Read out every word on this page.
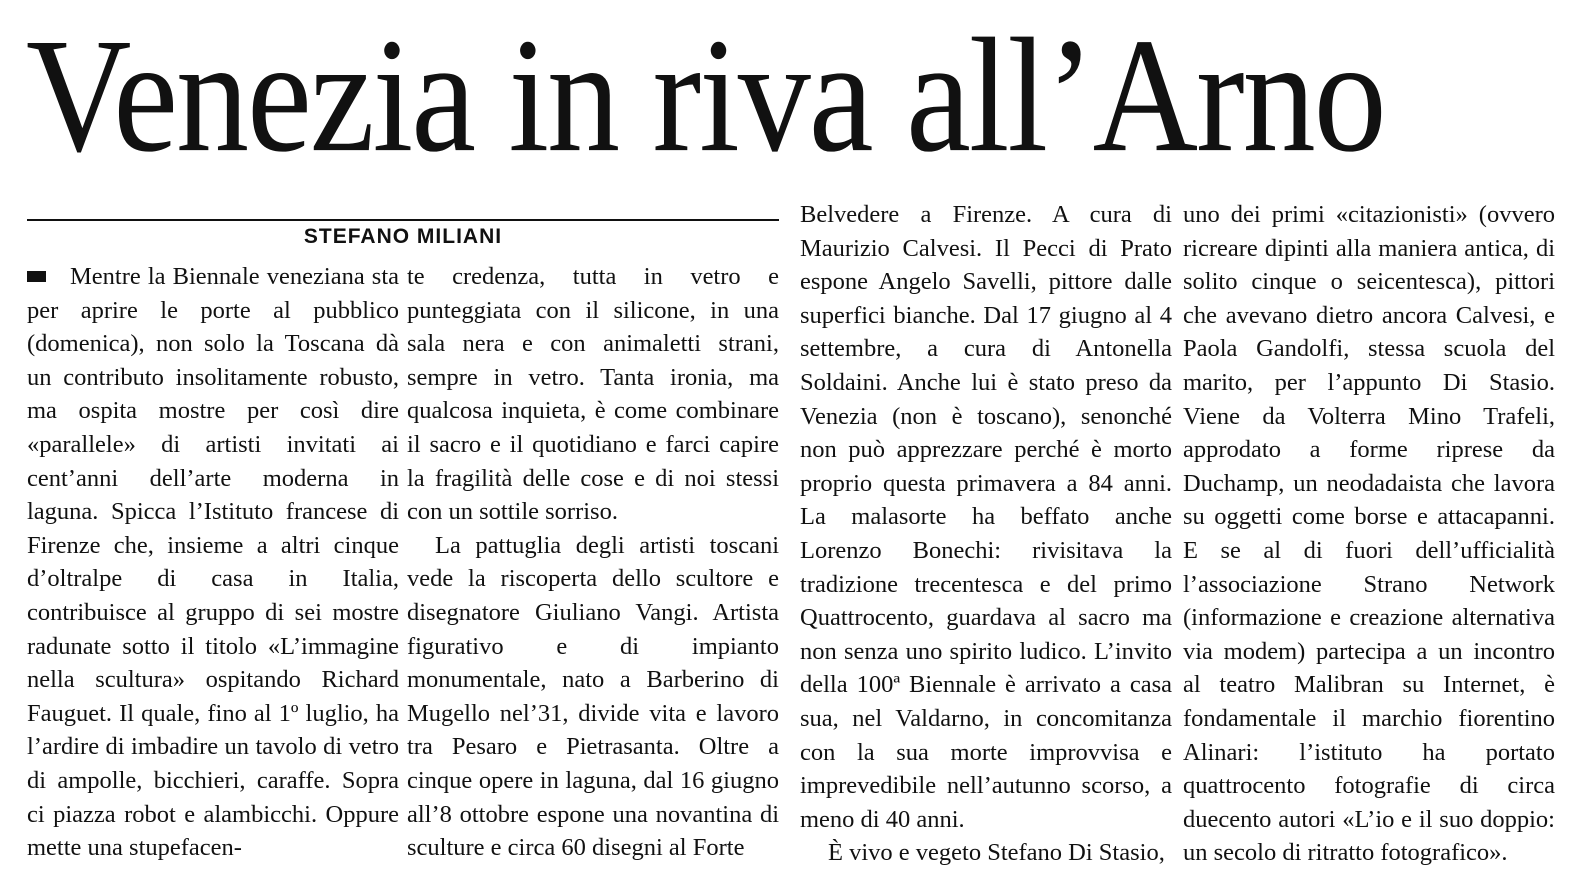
Venezia in riva all’Arno
STEFANO MILIANI

Mentre la Biennale veneziana sta per aprire le porte al pubblico (domenica), non solo la Toscana dà un contributo insolitamente robusto, ma ospita mostre per così dire «parallele» di artisti invitati ai cent’anni dell’arte moderna in laguna. Spicca l’Istituto francese di Firenze che, insieme a altri cinque d’oltralpe di casa in Italia, contribuisce al gruppo di sei mostre radunate sotto il titolo «L’immagine nella scultura» ospitando Richard Fauguet. Il quale, fino al 1º luglio, ha l’ardire di imbadire un tavolo di vetro di ampolle, bicchieri, caraffe. Sopra ci piazza robot e alambicchi. Oppure mette una stupefacen-

te credenza, tutta in vetro e punteggiata con il silicone, in una sala nera e con animaletti strani, sempre in vetro. Tanta ironia, ma qualcosa inquieta, è come combinare il sacro e il quotidiano e farci capire la fragilità delle cose e di noi stessi con un sottile sorriso.

La pattuglia degli artisti toscani vede la riscoperta dello scultore e disegnatore Giuliano Vangi. Artista figurativo e di impianto monumentale, nato a Barberino di Mugello nel’31, divide vita e lavoro tra Pesaro e Pietrasanta. Oltre a cinque opere in laguna, dal 16 giugno all’8 ottobre espone una novantina di sculture e circa 60 disegni al Forte

Belvedere a Firenze. A cura di Maurizio Calvesi. Il Pecci di Prato espone Angelo Savelli, pittore dalle superfici bianche. Dal 17 giugno al 4 settembre, a cura di Antonella Soldaini. Anche lui è stato preso da Venezia (non è toscano), senonché non può apprezzare perché è morto proprio questa primavera a 84 anni. La malasorte ha beffato anche Lorenzo Bonechi: rivisitava la tradizione trecentesca e del primo Quattrocento, guardava al sacro ma non senza uno spirito ludico. L’invito della 100ª Biennale è arrivato a casa sua, nel Valdarno, in concomitanza con la sua morte improvvisa e imprevedibile nell’autunno scorso, a meno di 40 anni.

È vivo e vegeto Stefano Di Stasio,

uno dei primi «citazionisti» (ovvero ricreare dipinti alla maniera antica, di solito cinque o seicentesca), pittori che avevano dietro ancora Calvesi, e Paola Gandolfi, stessa scuola del marito, per l’appunto Di Stasio. Viene da Volterra Mino Trafeli, approdato a forme riprese da Duchamp, un neodadaista che lavora su oggetti come borse e attacapanni. E se al di fuori dell’ufficialità l’associazione Strano Network (informazione e creazione alternativa via modem) partecipa a un incontro al teatro Malibran su Internet, è fondamentale il marchio fiorentino Alinari: l’istituto ha portato quattrocento fotografie di circa duecento autori «L’io e il suo doppio: un secolo di ritratto fotografico».
